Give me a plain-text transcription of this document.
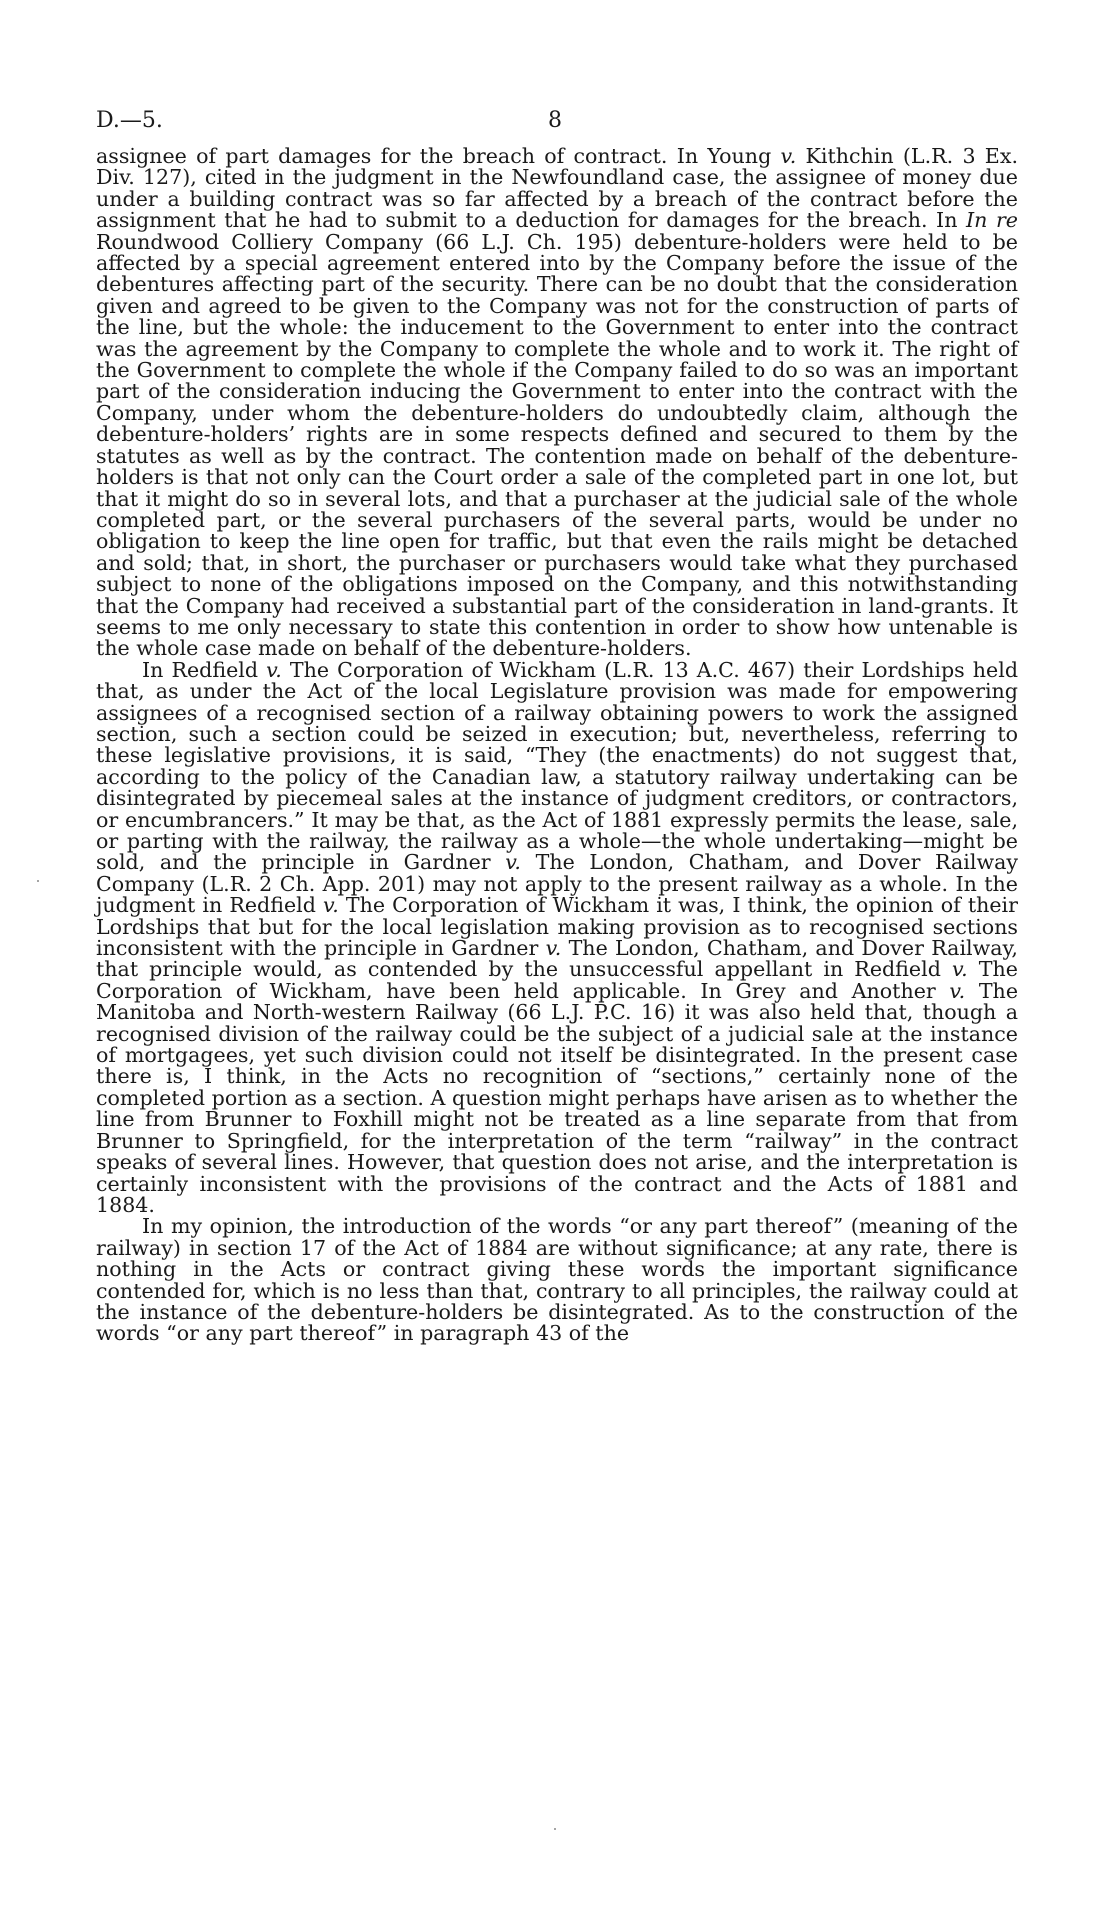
D.—5.	8

assignee of part damages for the breach of contract. In Young v. Kithchin (L.R. 3 Ex. Div. 127), cited in the judgment in the Newfoundland case, the assignee of money due under a building contract was so far affected by a breach of the contract before the assignment that he had to submit to a deduction for damages for the breach. In In re Roundwood Colliery Company (66 L.J. Ch. 195) debenture-holders were held to be affected by a special agreement entered into by the Company before the issue of the debentures affecting part of the security. There can be no doubt that the consideration given and agreed to be given to the Company was not for the construction of parts of the line, but the whole: the inducement to the Government to enter into the contract was the agreement by the Company to complete the whole and to work it. The right of the Government to complete the whole if the Company failed to do so was an important part of the consideration inducing the Government to enter into the contract with the Company, under whom the debenture-holders do undoubtedly claim, although the debenture-holders’ rights are in some respects defined and secured to them by the statutes as well as by the contract. The contention made on behalf of the debenture-holders is that not only can the Court order a sale of the completed part in one lot, but that it might do so in several lots, and that a purchaser at the judicial sale of the whole completed part, or the several purchasers of the several parts, would be under no obligation to keep the line open for traffic, but that even the rails might be detached and sold; that, in short, the purchaser or purchasers would take what they purchased subject to none of the obligations imposed on the Company, and this notwithstanding that the Company had received a substantial part of the consideration in land-grants. It seems to me only necessary to state this contention in order to show how untenable is the whole case made on behalf of the debenture-holders.

In Redfield v. The Corporation of Wickham (L.R. 13 A.C. 467) their Lordships held that, as under the Act of the local Legislature provision was made for empowering assignees of a recognised section of a railway obtaining powers to work the assigned section, such a section could be seized in execution; but, nevertheless, referring to these legislative provisions, it is said, “They (the enactments) do not suggest that, according to the policy of the Canadian law, a statutory railway undertaking can be disintegrated by piecemeal sales at the instance of judgment creditors, or contractors, or encumbrancers.” It may be that, as the Act of 1881 expressly permits the lease, sale, or parting with the railway, the railway as a whole—the whole undertaking—might be sold, and the principle in Gardner v. The London, Chatham, and Dover Railway Company (L.R. 2 Ch. App. 201) may not apply to the present railway as a whole. In the judgment in Redfield v. The Corporation of Wickham it was, I think, the opinion of their Lordships that but for the local legislation making provision as to recognised sections inconsistent with the principle in Gardner v. The London, Chatham, and Dover Railway, that principle would, as contended by the unsuccessful appellant in Redfield v. The Corporation of Wickham, have been held applicable. In Grey and Another v. The Manitoba and North-western Railway (66 L.J. P.C. 16) it was also held that, though a recognised division of the railway could be the subject of a judicial sale at the instance of mortgagees, yet such division could not itself be disintegrated. In the present case there is, I think, in the Acts no recognition of “sections,” certainly none of the completed portion as a section. A question might perhaps have arisen as to whether the line from Brunner to Foxhill might not be treated as a line separate from that from Brunner to Springfield, for the interpretation of the term “railway” in the contract speaks of several lines. However, that question does not arise, and the interpretation is certainly inconsistent with the provisions of the contract and the Acts of 1881 and 1884.

In my opinion, the introduction of the words “or any part thereof” (meaning of the railway) in section 17 of the Act of 1884 are without significance; at any rate, there is nothing in the Acts or contract giving these words the important significance contended for, which is no less than that, contrary to all principles, the railway could at the instance of the debenture-holders be disintegrated. As to the construction of the words “or any part thereof” in paragraph 43 of the
